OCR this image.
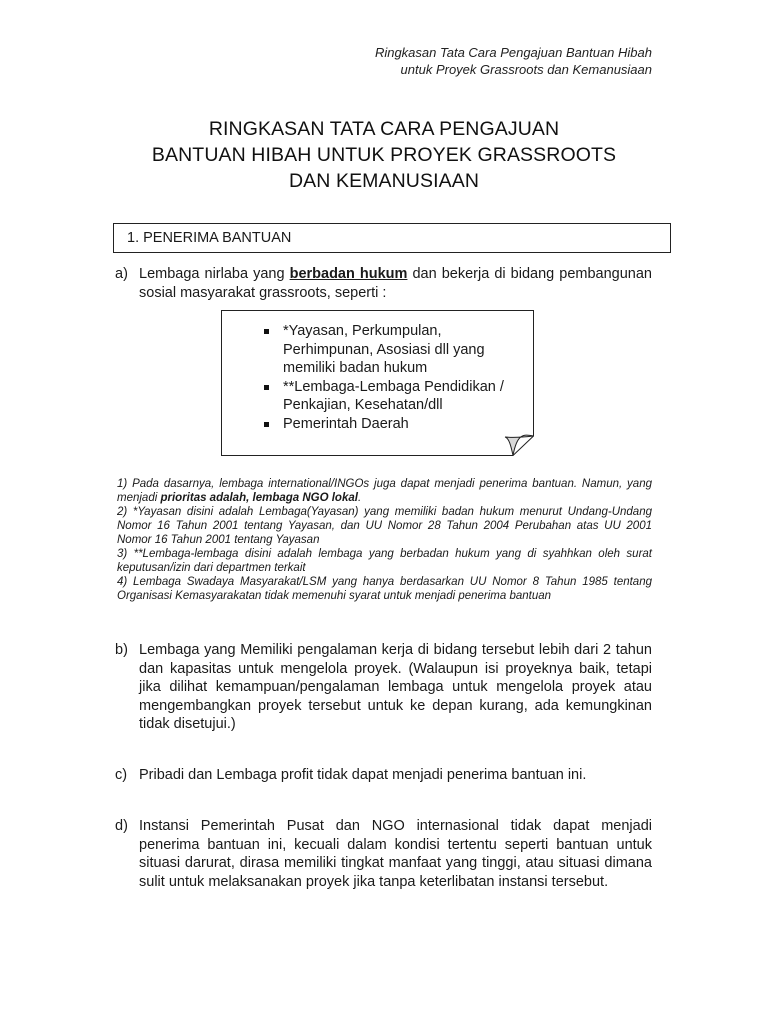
Ringkasan Tata Cara Pengajuan Bantuan Hibah
untuk Proyek Grassroots dan Kemanusiaan
RINGKASAN TATA CARA PENGAJUAN
BANTUAN HIBAH UNTUK PROYEK GRASSROOTS
DAN KEMANUSIAAN
1. PENERIMA BANTUAN
a) Lembaga nirlaba yang berbadan hukum dan bekerja di bidang pembangunan sosial masyarakat grassroots, seperti :
*Yayasan, Perkumpulan, Perhimpunan, Asosiasi dll yang memiliki badan hukum
**Lembaga-Lembaga Pendidikan / Penkajian, Kesehatan/dll
Pemerintah Daerah

1) Pada dasarnya, lembaga international/INGOs juga dapat menjadi penerima bantuan. Namun, yang menjadi prioritas adalah, lembaga NGO lokal.

2) *Yayasan disini adalah Lembaga(Yayasan) yang memiliki badan hukum menurut Undang-Undang Nomor 16 Tahun 2001 tentang Yayasan, dan UU Nomor 28 Tahun 2004 Perubahan atas UU 2001 Nomor 16 Tahun 2001 tentang Yayasan

3) **Lembaga-lembaga disini adalah lembaga yang berbadan hukum yang di syahhkan oleh surat keputusan/izin dari departmen terkait

4) Lembaga Swadaya Masyarakat/LSM yang hanya berdasarkan UU Nomor 8 Tahun 1985 tentang Organisasi Kemasyarakatan tidak memenuhi syarat untuk menjadi penerima bantuan

b) Lembaga yang Memiliki pengalaman kerja di bidang tersebut lebih dari 2 tahun dan kapasitas untuk mengelola proyek. (Walaupun isi proyeknya baik, tetapi jika dilihat kemampuan/pengalaman lembaga untuk mengelola proyek atau mengembangkan proyek tersebut untuk ke depan kurang, ada kemungkinan tidak disetujui.)
c) Pribadi dan Lembaga profit tidak dapat menjadi penerima bantuan ini.
d) Instansi Pemerintah Pusat dan NGO internasional tidak dapat menjadi penerima bantuan ini, kecuali dalam kondisi tertentu seperti bantuan untuk situasi darurat, dirasa memiliki tingkat manfaat yang tinggi, atau situasi dimana sulit untuk melaksanakan proyek jika tanpa keterlibatan instansi tersebut.
